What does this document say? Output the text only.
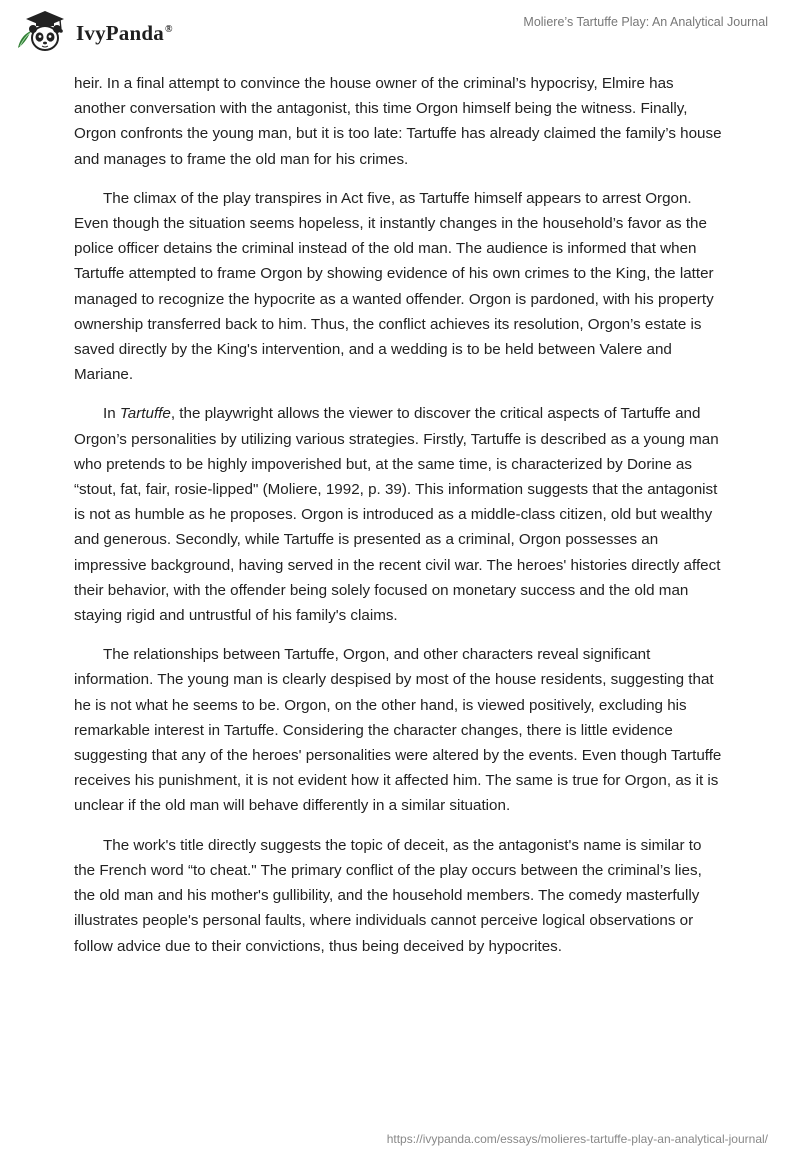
IvyPanda®
Moliere’s Tartuffe Play: An Analytical Journal

heir. In a final attempt to convince the house owner of the criminal’s hypocrisy, Elmire has another conversation with the antagonist, this time Orgon himself being the witness. Finally, Orgon confronts the young man, but it is too late: Tartuffe has already claimed the family’s house and manages to frame the old man for his crimes.

The climax of the play transpires in Act five, as Tartuffe himself appears to arrest Orgon. Even though the situation seems hopeless, it instantly changes in the household’s favor as the police officer detains the criminal instead of the old man. The audience is informed that when Tartuffe attempted to frame Orgon by showing evidence of his own crimes to the King, the latter managed to recognize the hypocrite as a wanted offender. Orgon is pardoned, with his property ownership transferred back to him. Thus, the conflict achieves its resolution, Orgon’s estate is saved directly by the King's intervention, and a wedding is to be held between Valere and Mariane.

In Tartuffe, the playwright allows the viewer to discover the critical aspects of Tartuffe and Orgon’s personalities by utilizing various strategies. Firstly, Tartuffe is described as a young man who pretends to be highly impoverished but, at the same time, is characterized by Dorine as “stout, fat, fair, rosie-lipped" (Moliere, 1992, p. 39). This information suggests that the antagonist is not as humble as he proposes. Orgon is introduced as a middle-class citizen, old but wealthy and generous. Secondly, while Tartuffe is presented as a criminal, Orgon possesses an impressive background, having served in the recent civil war. The heroes' histories directly affect their behavior, with the offender being solely focused on monetary success and the old man staying rigid and untrustful of his family's claims.

The relationships between Tartuffe, Orgon, and other characters reveal significant information. The young man is clearly despised by most of the house residents, suggesting that he is not what he seems to be. Orgon, on the other hand, is viewed positively, excluding his remarkable interest in Tartuffe. Considering the character changes, there is little evidence suggesting that any of the heroes' personalities were altered by the events. Even though Tartuffe receives his punishment, it is not evident how it affected him. The same is true for Orgon, as it is unclear if the old man will behave differently in a similar situation.

The work's title directly suggests the topic of deceit, as the antagonist's name is similar to the French word “to cheat." The primary conflict of the play occurs between the criminal’s lies, the old man and his mother's gullibility, and the household members. The comedy masterfully illustrates people's personal faults, where individuals cannot perceive logical observations or follow advice due to their convictions, thus being deceived by hypocrites.

https://ivypanda.com/essays/molieres-tartuffe-play-an-analytical-journal/
